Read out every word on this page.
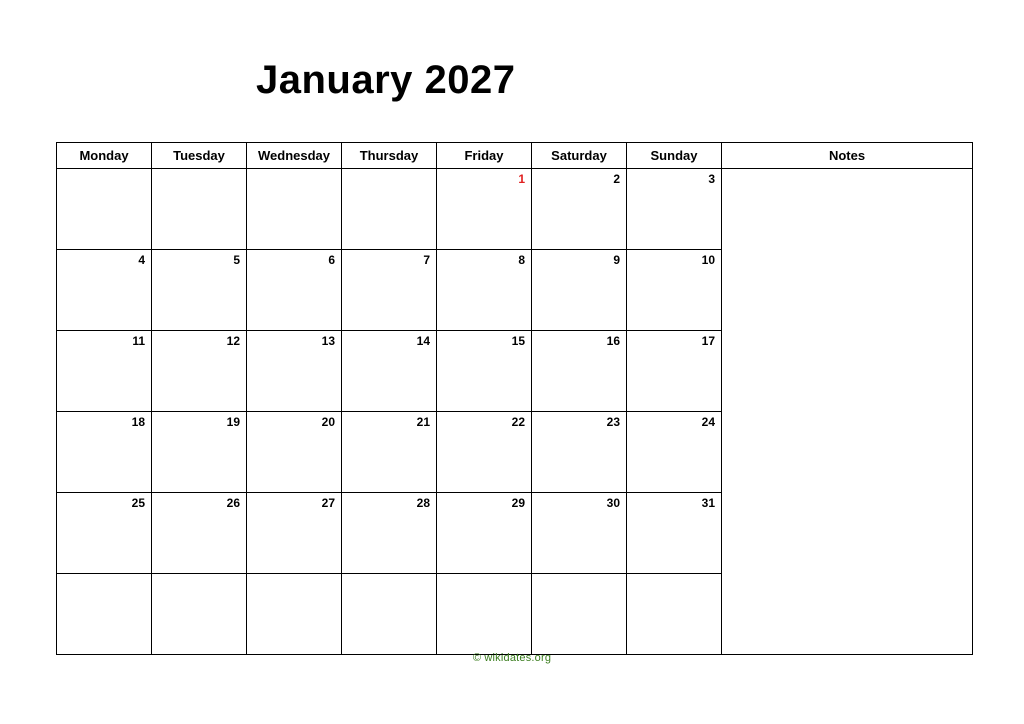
January 2027
Monday	Tuesday	Wednesday	Thursday	Friday	Saturday	Sunday	Notes

				1	2	3	

4	5	6	7	8	9	10	

11	12	13	14	15	16	17	

18	19	20	21	22	23	24	

25	26	27	28	29	30	31	

© wikidates.org
